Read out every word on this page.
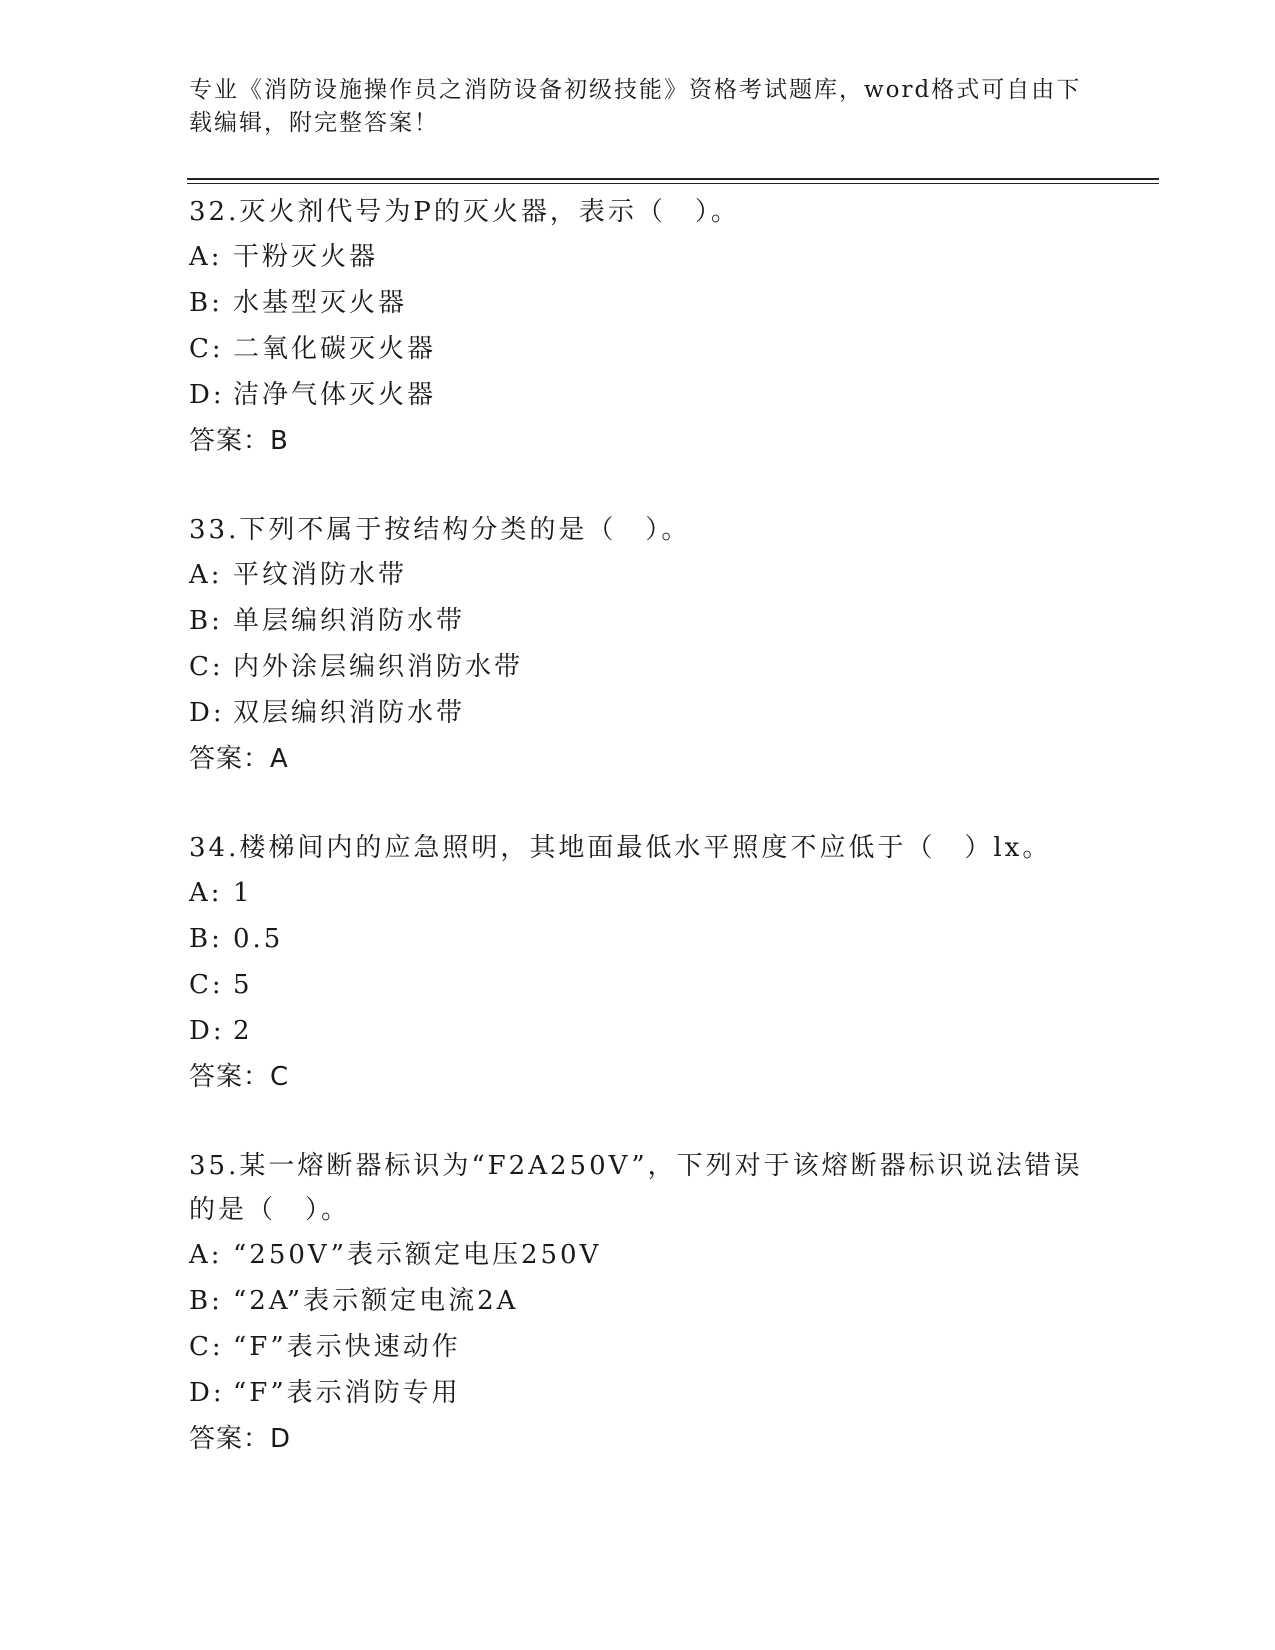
专业《消防设施操作员之消防设备初级技能》资格考试题库，word格式可自由下
载编辑，附完整答案！
32.灭火剂代号为P的灭火器，表示（　）。
A: 干粉灭火器
B: 水基型灭火器
C: 二氧化碳灭火器
D: 洁净气体灭火器
答案：B
33.下列不属于按结构分类的是（　）。
A: 平纹消防水带
B: 单层编织消防水带
C: 内外涂层编织消防水带
D: 双层编织消防水带
答案：A
34.楼梯间内的应急照明，其地面最低水平照度不应低于（　）lx。
A: 1
B: 0.5
C: 5
D: 2
答案：C
35.某一熔断器标识为“F2A250V”，下列对于该熔断器标识说法错误
的是（　）。
A: “250V”表示额定电压250V
B: “2A”表示额定电流2A
C: “F”表示快速动作
D: “F”表示消防专用
答案：D
